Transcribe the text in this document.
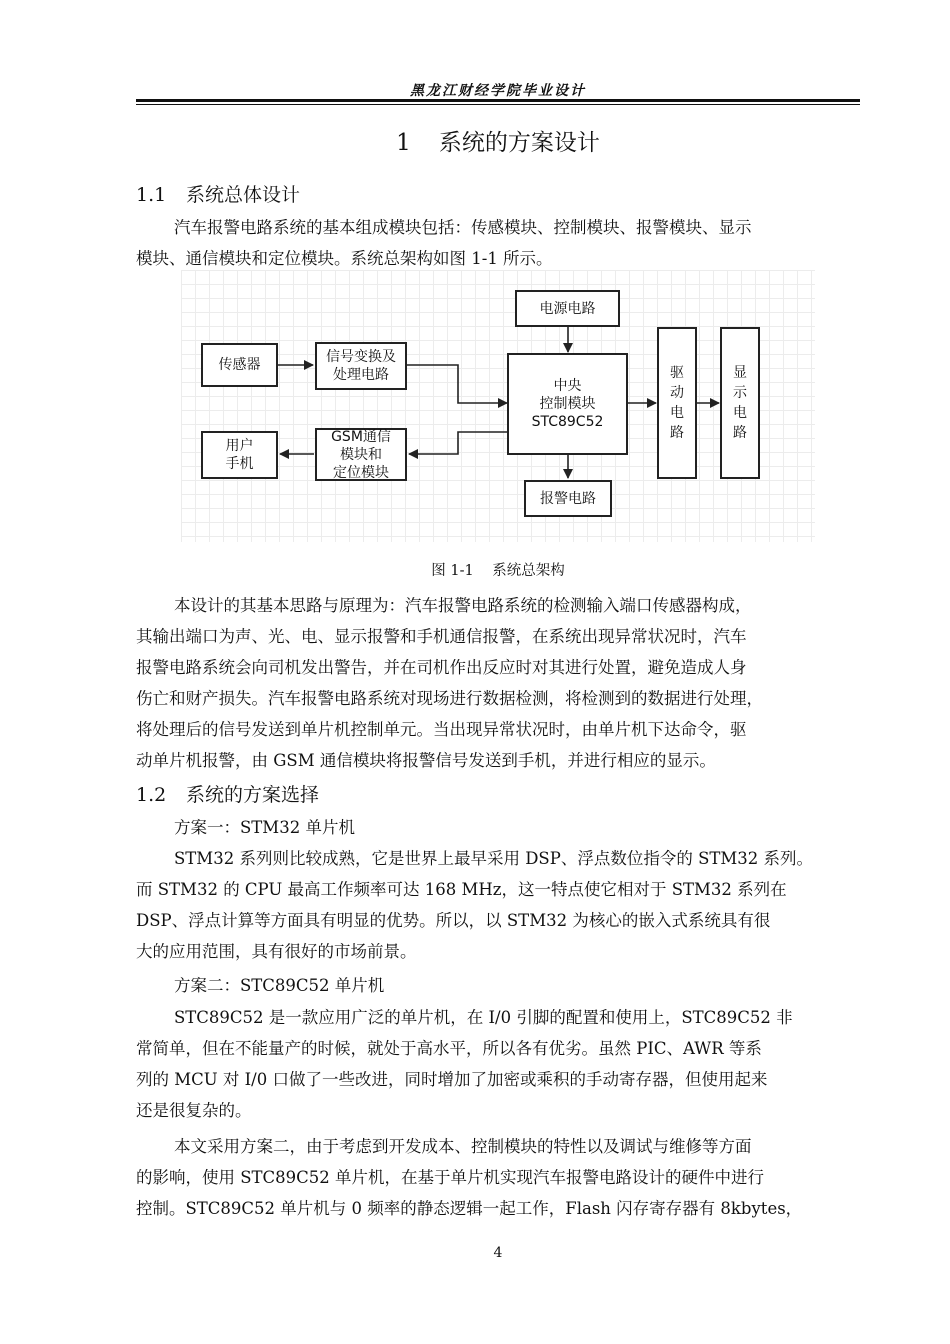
黑龙江财经学院毕业设计
1 系统的方案设计
1.1 系统总体设计
汽车报警电路系统的基本组成模块包括：传感模块、控制模块、报警模块、显示
模块、通信模块和定位模块。系统总架构如图 1-1 所示。
电源电路
传感器	信号变换及
处理电路
中央
控制模块
STC89C52
驱动电路
显示电路
用户
手机
GSM通信
模块和
定位模块
报警电路
图 1-1    系统总架构
本设计的其基本思路与原理为：汽车报警电路系统的检测输入端口传感器构成，
其输出端口为声、光、电、显示报警和手机通信报警，在系统出现异常状况时，汽车
报警电路系统会向司机发出警告，并在司机作出反应时对其进行处置，避免造成人身
伤亡和财产损失。汽车报警电路系统对现场进行数据检测，将检测到的数据进行处理，
将处理后的信号发送到单片机控制单元。当出现异常状况时，由单片机下达命令，驱
动单片机报警，由 GSM 通信模块将报警信号发送到手机，并进行相应的显示。
1.2 系统的方案选择
方案一：STM32 单片机
STM32 系列则比较成熟，它是世界上最早采用 DSP、浮点数位指令的 STM32 系列。
而 STM32 的 CPU 最高工作频率可达 168 MHz，这一特点使它相对于 STM32 系列在
DSP、浮点计算等方面具有明显的优势。所以，以 STM32 为核心的嵌入式系统具有很
大的应用范围，具有很好的市场前景。
方案二：STC89C52 单片机
STC89C52 是一款应用广泛的单片机，在 I/0 引脚的配置和使用上，STC89C52 非
常简单，但在不能量产的时候，就处于高水平，所以各有优劣。虽然 PIC、AWR 等系
列的 MCU 对 I/0 口做了一些改进，同时增加了加密或乘积的手动寄存器，但使用起来
还是很复杂的。
本文采用方案二，由于考虑到开发成本、控制模块的特性以及调试与维修等方面
的影响，使用 STC89C52 单片机，在基于单片机实现汽车报警电路设计的硬件中进行
控制。STC89C52 单片机与 0 频率的静态逻辑一起工作，Flash 闪存寄存器有 8kbytes，
4
